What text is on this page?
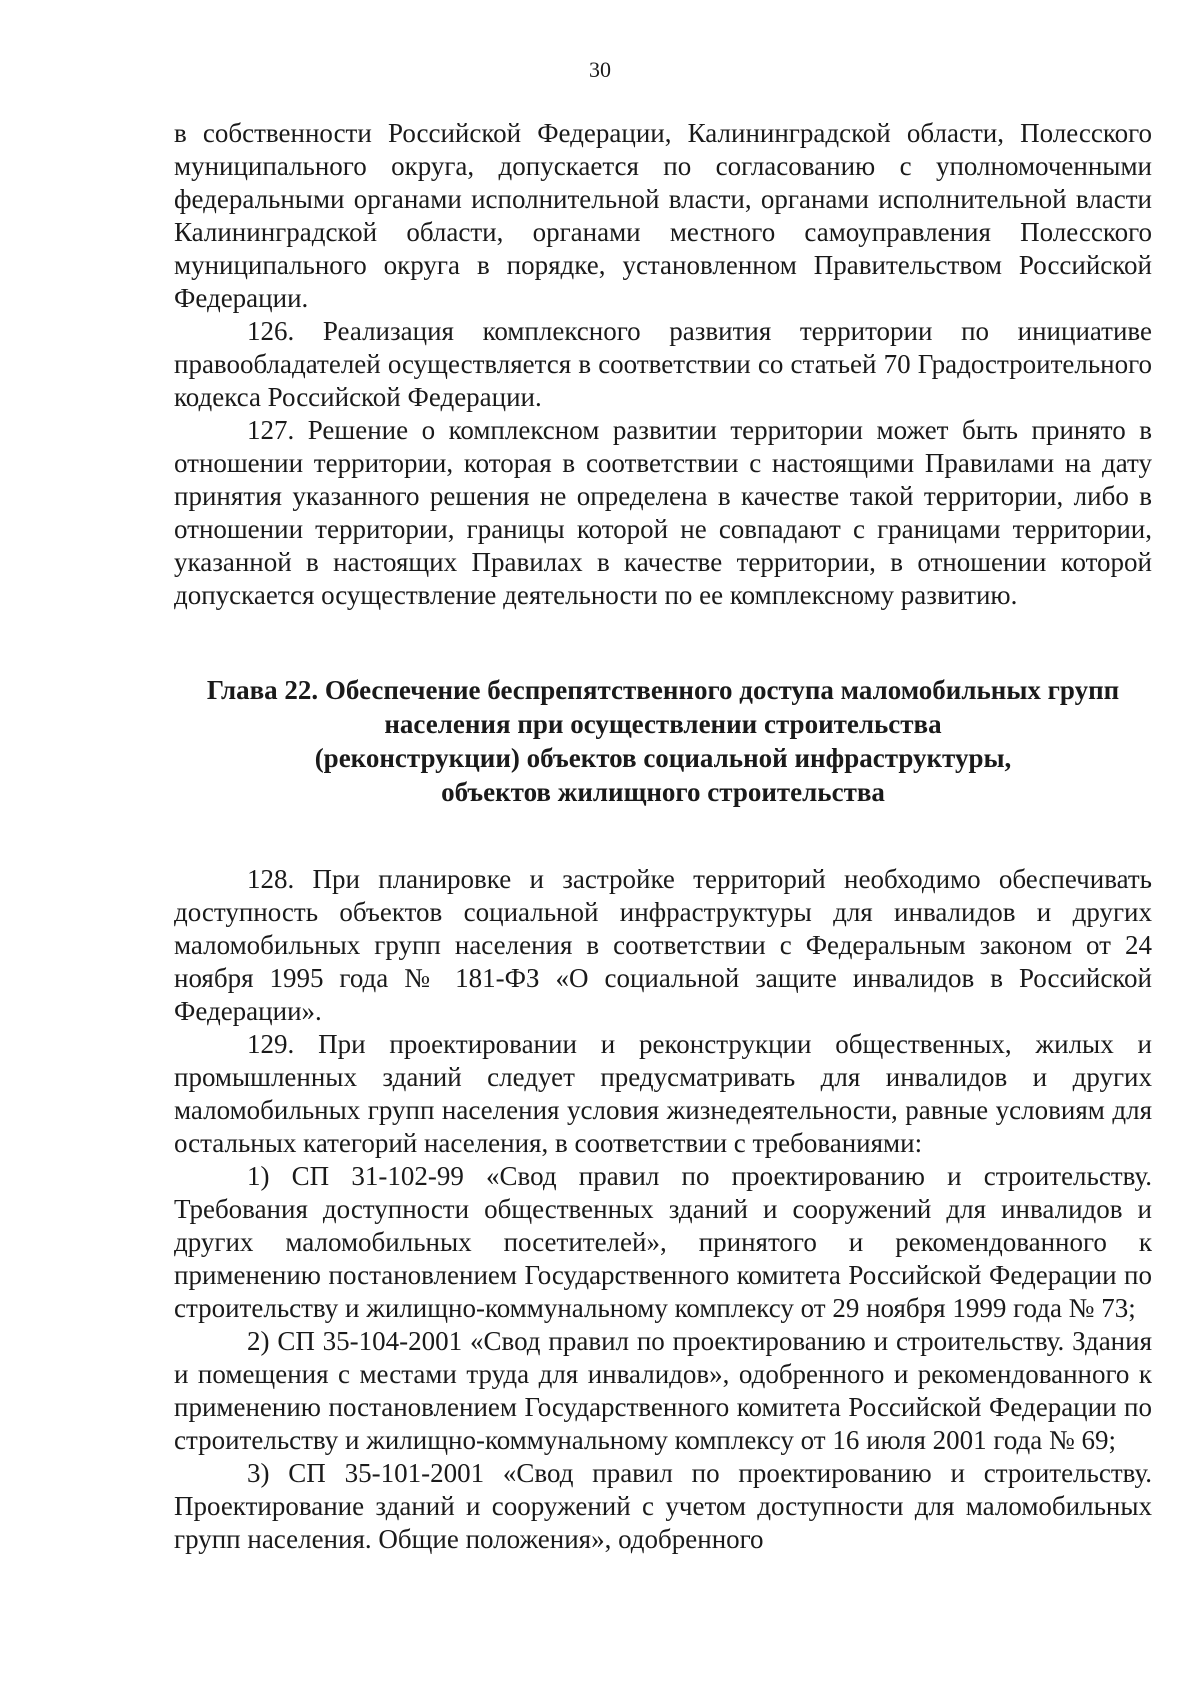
30

в собственности Российской Федерации, Калининградской области, Полесского муниципального округа, допускается по согласованию с уполномоченными федеральными органами исполнительной власти, органами исполнительной власти Калининградской области, органами местного самоуправления Полесского муниципального округа в порядке, установленном Правительством Российской Федерации.

126. Реализация комплексного развития территории по инициативе правообладателей осуществляется в соответствии со статьей 70 Градостроительного кодекса Российской Федерации.

127. Решение о комплексном развитии территории может быть принято в отношении территории, которая в соответствии с настоящими Правилами на дату принятия указанного решения не определена в качестве такой территории, либо в отношении территории, границы которой не совпадают с границами территории, указанной в настоящих Правилах в качестве территории, в отношении которой допускается осуществление деятельности по ее комплексному развитию.

Глава 22. Обеспечение беспрепятственного доступа маломобильных групп
населения при осуществлении строительства
(реконструкции) объектов социальной инфраструктуры,
объектов жилищного строительства

128. При планировке и застройке территорий необходимо обеспечивать доступность объектов социальной инфраструктуры для инвалидов и других маломобильных групп населения в соответствии с Федеральным законом от 24 ноября 1995 года № 181-ФЗ «О социальной защите инвалидов в Российской Федерации».

129. При проектировании и реконструкции общественных, жилых и промышленных зданий следует предусматривать для инвалидов и других маломобильных групп населения условия жизнедеятельности, равные условиям для остальных категорий населения, в соответствии с требованиями:

1) СП 31-102-99 «Свод правил по проектированию и строительству. Требования доступности общественных зданий и сооружений для инвалидов и других маломобильных посетителей», принятого и рекомендованного к применению постановлением Государственного комитета Российской Федерации по строительству и жилищно-коммунальному комплексу от 29 ноября 1999 года № 73;

2) СП 35-104-2001 «Свод правил по проектированию и строительству. Здания и помещения с местами труда для инвалидов», одобренного и рекомендованного к применению постановлением Государственного комитета Российской Федерации по строительству и жилищно-коммунальному комплексу от 16 июля 2001 года № 69;

3) СП 35-101-2001 «Свод правил по проектированию и строительству. Проектирование зданий и сооружений с учетом доступности для маломобильных групп населения. Общие положения», одобренного
